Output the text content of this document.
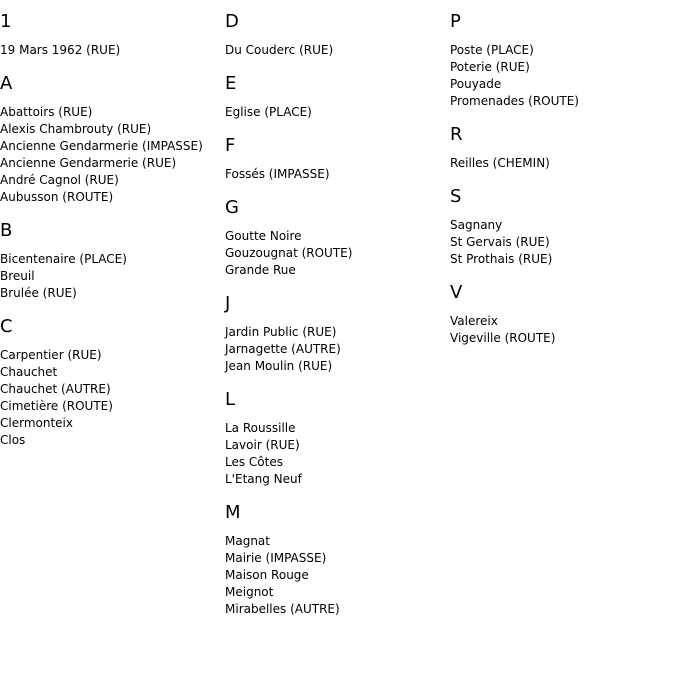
1
19 Mars 1962 (RUE)
A
Abattoirs (RUE)
Alexis Chambrouty (RUE)
Ancienne Gendarmerie (IMPASSE)
Ancienne Gendarmerie (RUE)
André Cagnol (RUE)
Aubusson (ROUTE)
B
Bicentenaire (PLACE)
Breuil
Brulée (RUE)
C
Carpentier (RUE)
Chauchet
Chauchet (AUTRE)
Cimetière (ROUTE)
Clermonteix
Clos
D
Du Couderc (RUE)
E
Eglise (PLACE)
F
Fossés (IMPASSE)
G
Goutte Noire
Gouzougnat (ROUTE)
Grande Rue
J
Jardin Public (RUE)
Jarnagette (AUTRE)
Jean Moulin (RUE)
L
La Roussille
Lavoir (RUE)
Les Côtes
L'Etang Neuf
M
Magnat
Mairie (IMPASSE)
Maison Rouge
Meignot
Mirabelles (AUTRE)
P
Poste (PLACE)
Poterie (RUE)
Pouyade
Promenades (ROUTE)
R
Reilles (CHEMIN)
S
Sagnany
St Gervais (RUE)
St Prothais (RUE)
V
Valereix
Vigeville (ROUTE)
